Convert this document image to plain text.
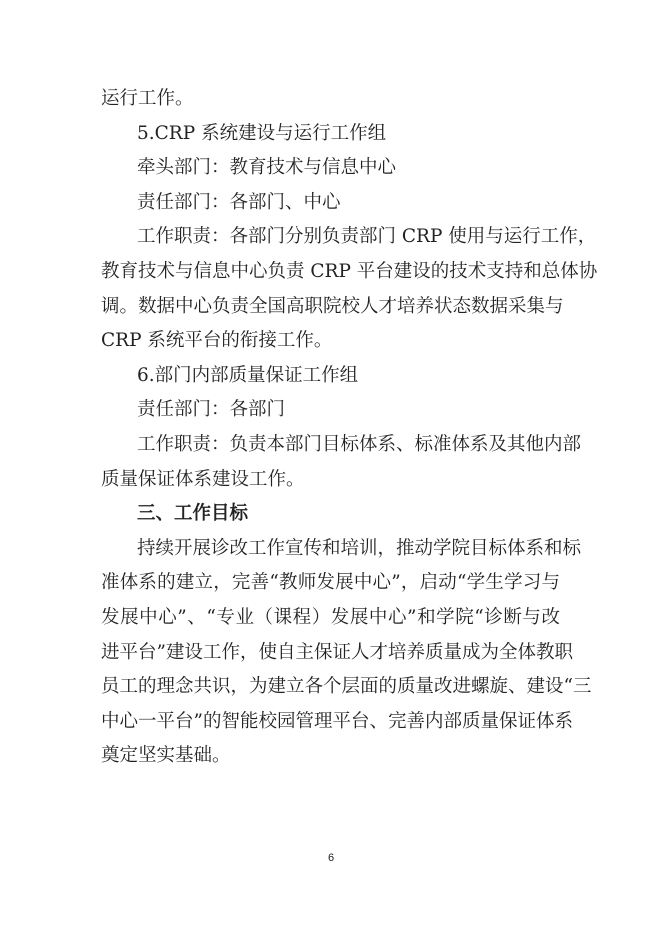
运行工作。
5.CRP 系统建设与运行工作组
牵头部门：教育技术与信息中心
责任部门：各部门、中心
工作职责：各部门分别负责部门 CRP 使用与运行工作，
教育技术与信息中心负责 CRP 平台建设的技术支持和总体协
调。数据中心负责全国高职院校人才培养状态数据采集与
CRP 系统平台的衔接工作。
6.部门内部质量保证工作组
责任部门：各部门
工作职责：负责本部门目标体系、标准体系及其他内部
质量保证体系建设工作。
三、工作目标
持续开展诊改工作宣传和培训，推动学院目标体系和标
准体系的建立，完善“教师发展中心”，启动“学生学习与
发展中心”、“专业（课程）发展中心”和学院“诊断与改
进平台”建设工作，使自主保证人才培养质量成为全体教职
员工的理念共识，为建立各个层面的质量改进螺旋、建设“三
中心一平台”的智能校园管理平台、完善内部质量保证体系
奠定坚实基础。
6
